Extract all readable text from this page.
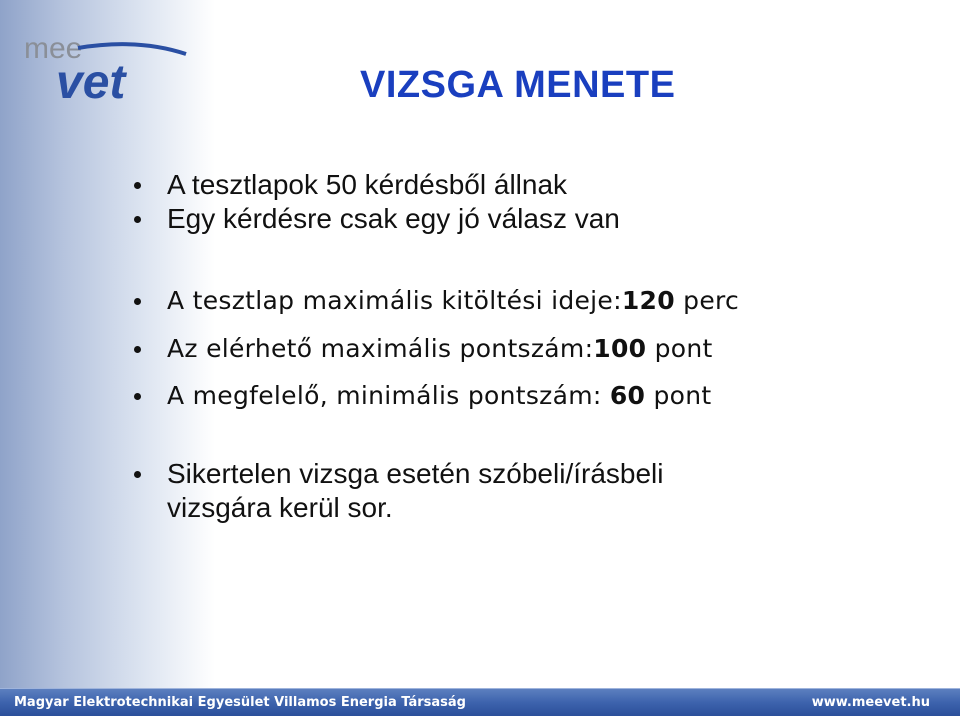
mee
vet	VIZSGA MENETE
A tesztlapok 50 kérdésből állnak
Egy kérdésre csak egy jó válasz van
A tesztlap maximális kitöltési ideje:120 perc
Az elérhető maximális pontszám:100 pont
A megfelelő, minimális pontszám: 60 pont
Sikertelen vizsga esetén szóbeli/írásbeli
vizsgára kerül sor.
Magyar Elektrotechnikai Egyesület Villamos Energia Társaság	www.meevet.hu
